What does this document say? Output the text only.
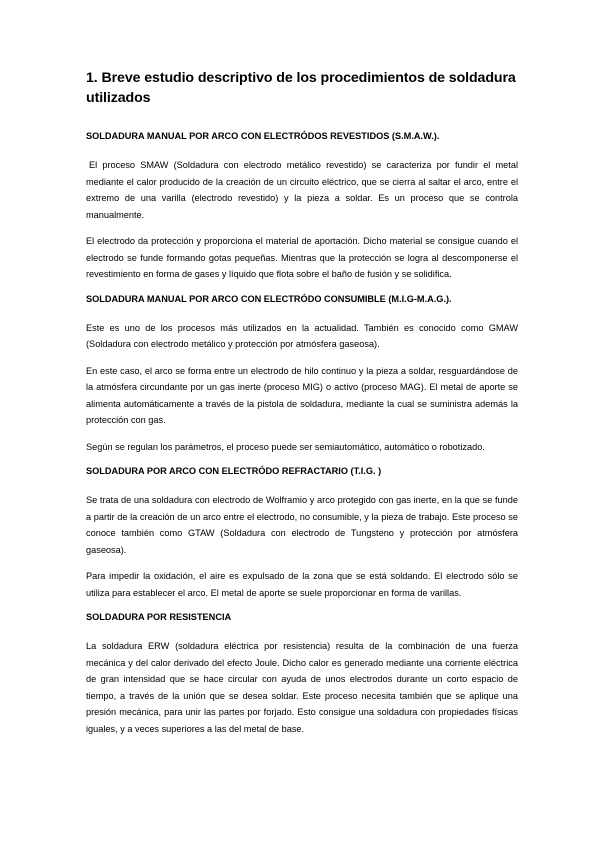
1. Breve estudio descriptivo de los procedimientos de soldadura utilizados
SOLDADURA MANUAL POR ARCO CON ELECTRÓDOS REVESTIDOS (S.M.A.W.).

El proceso SMAW (Soldadura con electrodo metálico revestido) se caracteriza por fundir el metal mediante el calor producido de la creación de un circuito eléctrico, que se cierra al saltar el arco, entre el extremo de una varilla (electrodo revestido) y la pieza a soldar. Es un proceso que se controla manualmente.

El electrodo da protección y proporciona el material de aportación. Dicho material se consigue cuando el electrodo se funde formando gotas pequeñas. Mientras que la protección se logra al descomponerse el revestimiento en forma de gases y líquido que flota sobre el baño de fusión y se solidifica.

SOLDADURA MANUAL POR ARCO CON ELECTRÓDO CONSUMIBLE (M.I.G-M.A.G.).

Este es uno de los procesos más utilizados en la actualidad. También es conocido como GMAW (Soldadura con electrodo metálico y protección por atmósfera gaseosa).

En este caso, el arco se forma entre un electrodo de hilo continuo y la pieza a soldar, resguardándose de la atmósfera circundante por un gas inerte (proceso MIG) o activo (proceso MAG). El metal de aporte se alimenta automáticamente a través de la pistola de soldadura, mediante la cual se suministra además la protección con gas.

Según se regulan los parámetros, el proceso puede ser semiautomático, automático o robotizado.

SOLDADURA POR ARCO CON ELECTRÓDO REFRACTARIO (T.I.G. )

Se trata de una soldadura con electrodo de Wolframio y arco protegido con gas inerte, en la que se funde a partir de la creación de un arco entre el electrodo, no consumible, y la pieza de trabajo. Este proceso se conoce también como GTAW (Soldadura con electrodo de Tungsteno y protección por atmósfera gaseosa).

Para impedir la oxidación, el aire es expulsado de la zona que se está soldando. El electrodo sólo se utiliza para establecer el arco. El metal de aporte se suele proporcionar en forma de varillas.

SOLDADURA POR RESISTENCIA

La soldadura ERW (soldadura eléctrica por resistencia) resulta de la combinación de una fuerza mecánica y del calor derivado del efecto Joule. Dicho calor es generado mediante una corriente eléctrica de gran intensidad que se hace circular con ayuda de unos electrodos durante un corto espacio de tiempo, a través de la unión que se desea soldar. Este proceso necesita también que se aplique una presión mecánica, para unir las partes por forjado. Esto consigue una soldadura con propiedades físicas iguales, y a veces superiores a las del metal de base.
